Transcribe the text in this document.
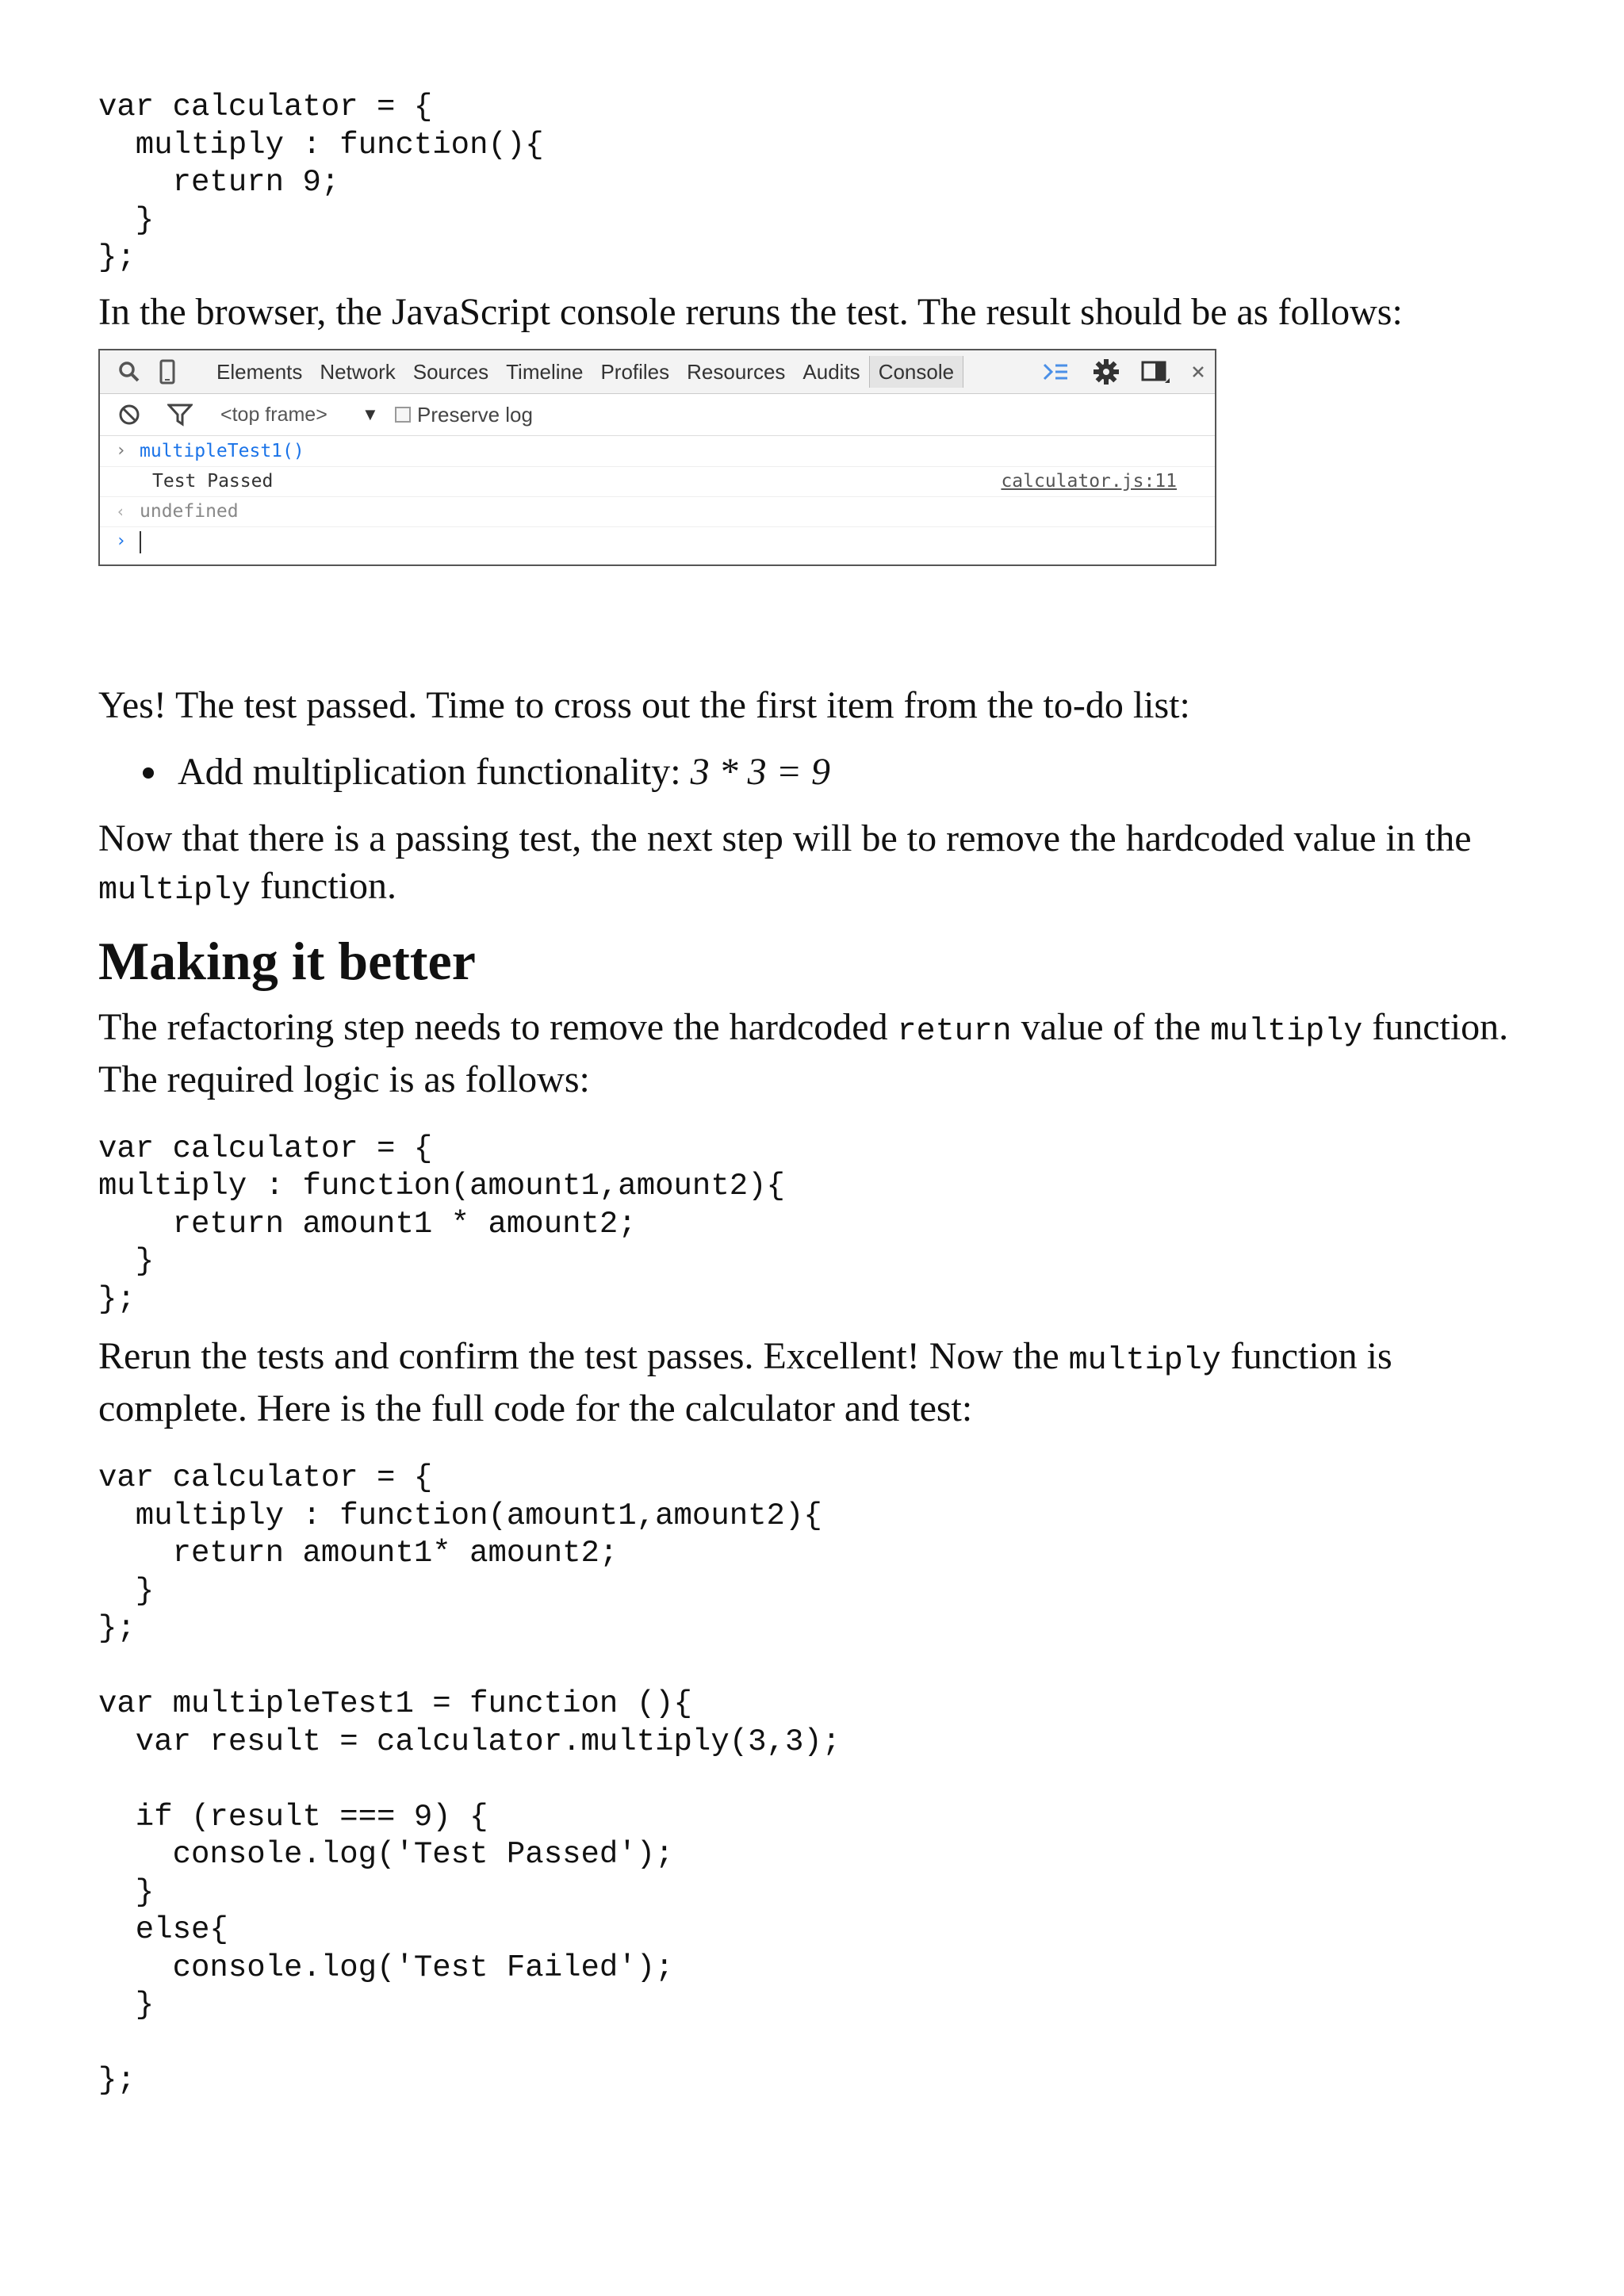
var calculator = {
multiply : function(){
return 9;
}
};

In the browser, the JavaScript console reruns the test. The result should be as follows:

Elements Network Sources Timeline Profiles Resources Audits Console
<top frame> ▼ Preserve log
› multipleTest1()
Test Passed	calculator.js:11
‹ undefined
›

Yes! The test passed. Time to cross out the first item from the to-do list:

Add multiplication functionality: 3 * 3 = 9

Now that there is a passing test, the next step will be to remove the hardcoded value in the multiply function.

Making it better

The refactoring step needs to remove the hardcoded return value of the multiply function. The required logic is as follows:

var calculator = {
multiply : function(amount1,amount2){
return amount1 * amount2;
}
};

Rerun the tests and confirm the test passes. Excellent! Now the multiply function is complete. Here is the full code for the calculator and test:

var calculator = {
multiply : function(amount1,amount2){
return amount1* amount2;
}
};

var multipleTest1 = function (){
var result = calculator.multiply(3,3);

if (result === 9) {
console.log('Test Passed');
}
else{
console.log('Test Failed');
}

};
